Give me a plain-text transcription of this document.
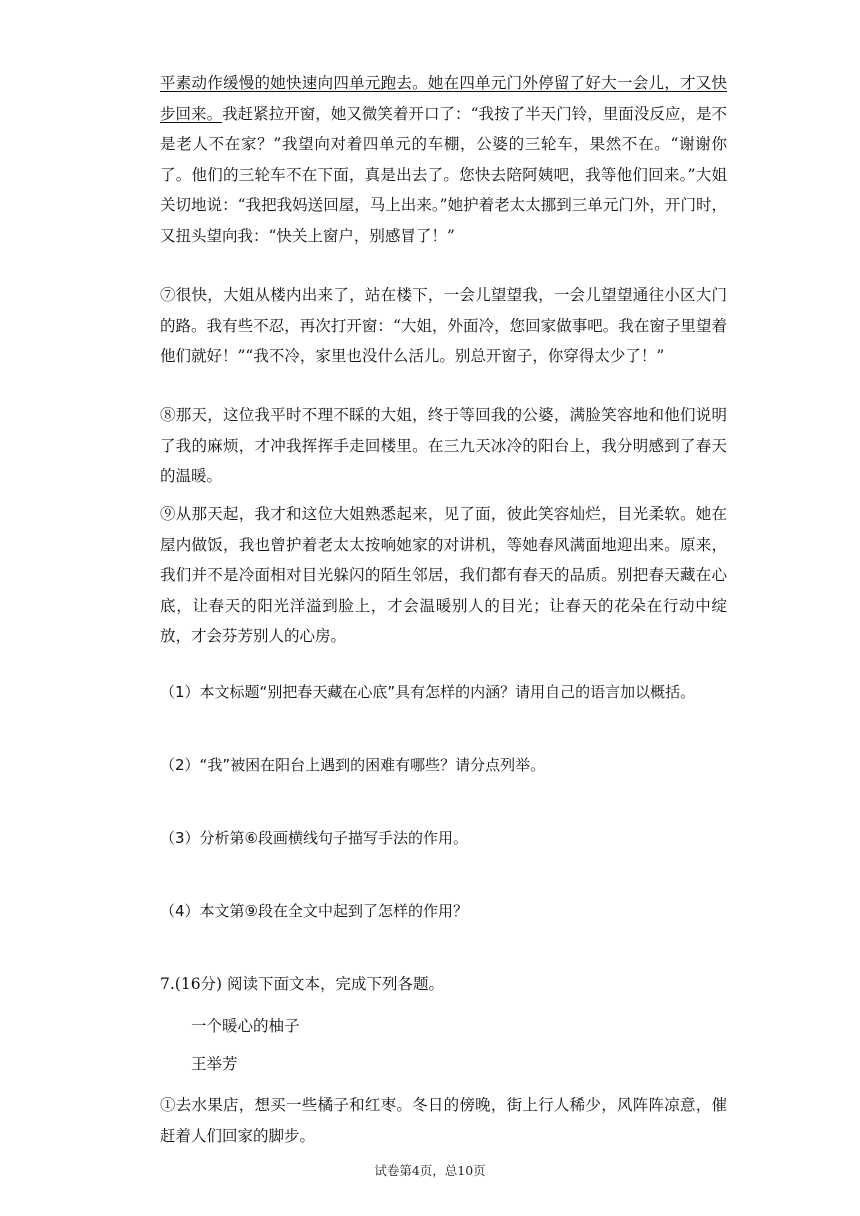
平素动作缓慢的她快速向四单元跑去。她在四单元门外停留了好大一会儿，才又快步回来。我赶紧拉开窗，她又微笑着开口了：“我按了半天门铃，里面没反应，是不是老人不在家？”我望向对着四单元的车棚，公婆的三轮车，果然不在。“谢谢你了。他们的三轮车不在下面，真是出去了。您快去陪阿姨吧，我等他们回来。”大姐关切地说：“我把我妈送回屋，马上出来。”她护着老太太挪到三单元门外，开门时，又扭头望向我：“快关上窗户，别感冒了！”

⑦很快，大姐从楼内出来了，站在楼下，一会儿望望我，一会儿望望通往小区大门的路。我有些不忍，再次打开窗：“大姐，外面冷，您回家做事吧。我在窗子里望着他们就好！”“我不冷，家里也没什么活儿。别总开窗子，你穿得太少了！”

⑧那天，这位我平时不理不睬的大姐，终于等回我的公婆，满脸笑容地和他们说明了我的麻烦，才冲我挥挥手走回楼里。在三九天冰冷的阳台上，我分明感到了春天的温暖。

⑨从那天起，我才和这位大姐熟悉起来，见了面，彼此笑容灿烂，目光柔软。她在屋内做饭，我也曾护着老太太按响她家的对讲机，等她春风满面地迎出来。原来，我们并不是冷面相对目光躲闪的陌生邻居，我们都有春天的品质。别把春天藏在心底，让春天的阳光洋溢到脸上，才会温暖别人的目光；让春天的花朵在行动中绽放，才会芬芳别人的心房。

（1）本文标题“别把春天藏在心底”具有怎样的内涵？请用自己的语言加以概括。

（2）“我”被困在阳台上遇到的困难有哪些？请分点列举。

（3）分析第⑥段画横线句子描写手法的作用。

（4）本文第⑨段在全文中起到了怎样的作用？

7.(16分) 阅读下面文本，完成下列各题。

一个暖心的柚子

王举芳

①去水果店，想买一些橘子和红枣。冬日的傍晚，街上行人稀少，风阵阵凉意，催赶着人们回家的脚步。

试卷第4页，总10页
